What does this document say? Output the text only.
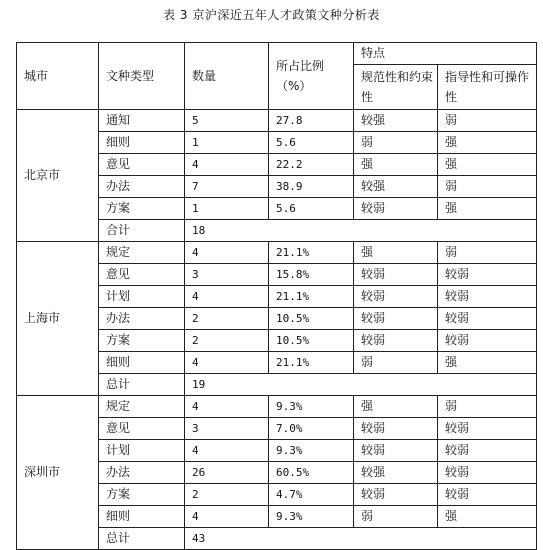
表 3 京沪深近五年人才政策文种分析表
城市	文种类型	数量	所占比例（%）	特点	
				规范性和约束性	指导性和可操作性
北京市	通知	5	27.8	较强	弱
	细则	1	5.6	弱	强
	意见	4	22.2	强	强
	办法	7	38.9	较强	弱
	方案	1	5.6	较弱	强
	合计	18			
上海市	规定	4	21.1%	强	弱
	意见	3	15.8%	较弱	较弱
	计划	4	21.1%	较弱	较弱
	办法	2	10.5%	较弱	较弱
	方案	2	10.5%	较弱	较弱
	细则	4	21.1%	弱	强
	总计	19			
深圳市	规定	4	9.3%	强	弱
	意见	3	7.0%	较弱	较弱
	计划	4	9.3%	较弱	较弱
	办法	26	60.5%	较强	较弱
	方案	2	4.7%	较弱	较弱
	细则	4	9.3%	弱	强
	总计	43			
